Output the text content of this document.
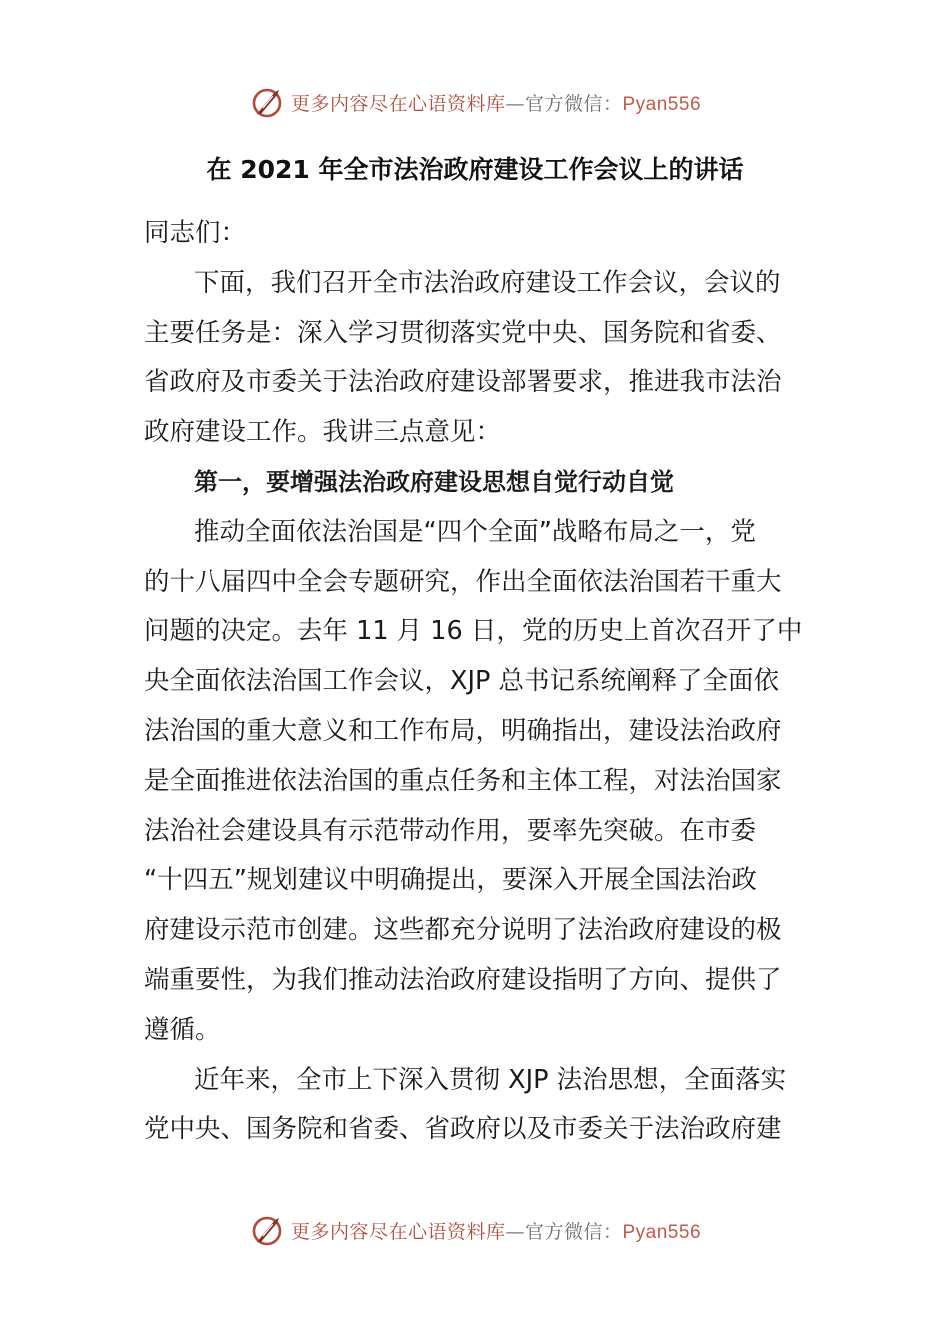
更多内容尽在心语资料库—官方微信：Pyan556
在 2021 年全市法治政府建设工作会议上的讲话
同志们：
下面，我们召开全市法治政府建设工作会议，会议的
主要任务是：深入学习贯彻落实党中央、国务院和省委、
省政府及市委关于法治政府建设部署要求，推进我市法治
政府建设工作。我讲三点意见：
第一，要增强法治政府建设思想自觉行动自觉
推动全面依法治国是“四个全面”战略布局之一，党
的十八届四中全会专题研究，作出全面依法治国若干重大
问题的决定。去年 11 月 16 日，党的历史上首次召开了中
央全面依法治国工作会议，XJP 总书记系统阐释了全面依
法治国的重大意义和工作布局，明确指出，建设法治政府
是全面推进依法治国的重点任务和主体工程，对法治国家
法治社会建设具有示范带动作用，要率先突破。在市委
“十四五”规划建议中明确提出，要深入开展全国法治政
府建设示范市创建。这些都充分说明了法治政府建设的极
端重要性，为我们推动法治政府建设指明了方向、提供了
遵循。
近年来，全市上下深入贯彻 XJP 法治思想，全面落实
党中央、国务院和省委、省政府以及市委关于法治政府建
更多内容尽在心语资料库—官方微信：Pyan556
